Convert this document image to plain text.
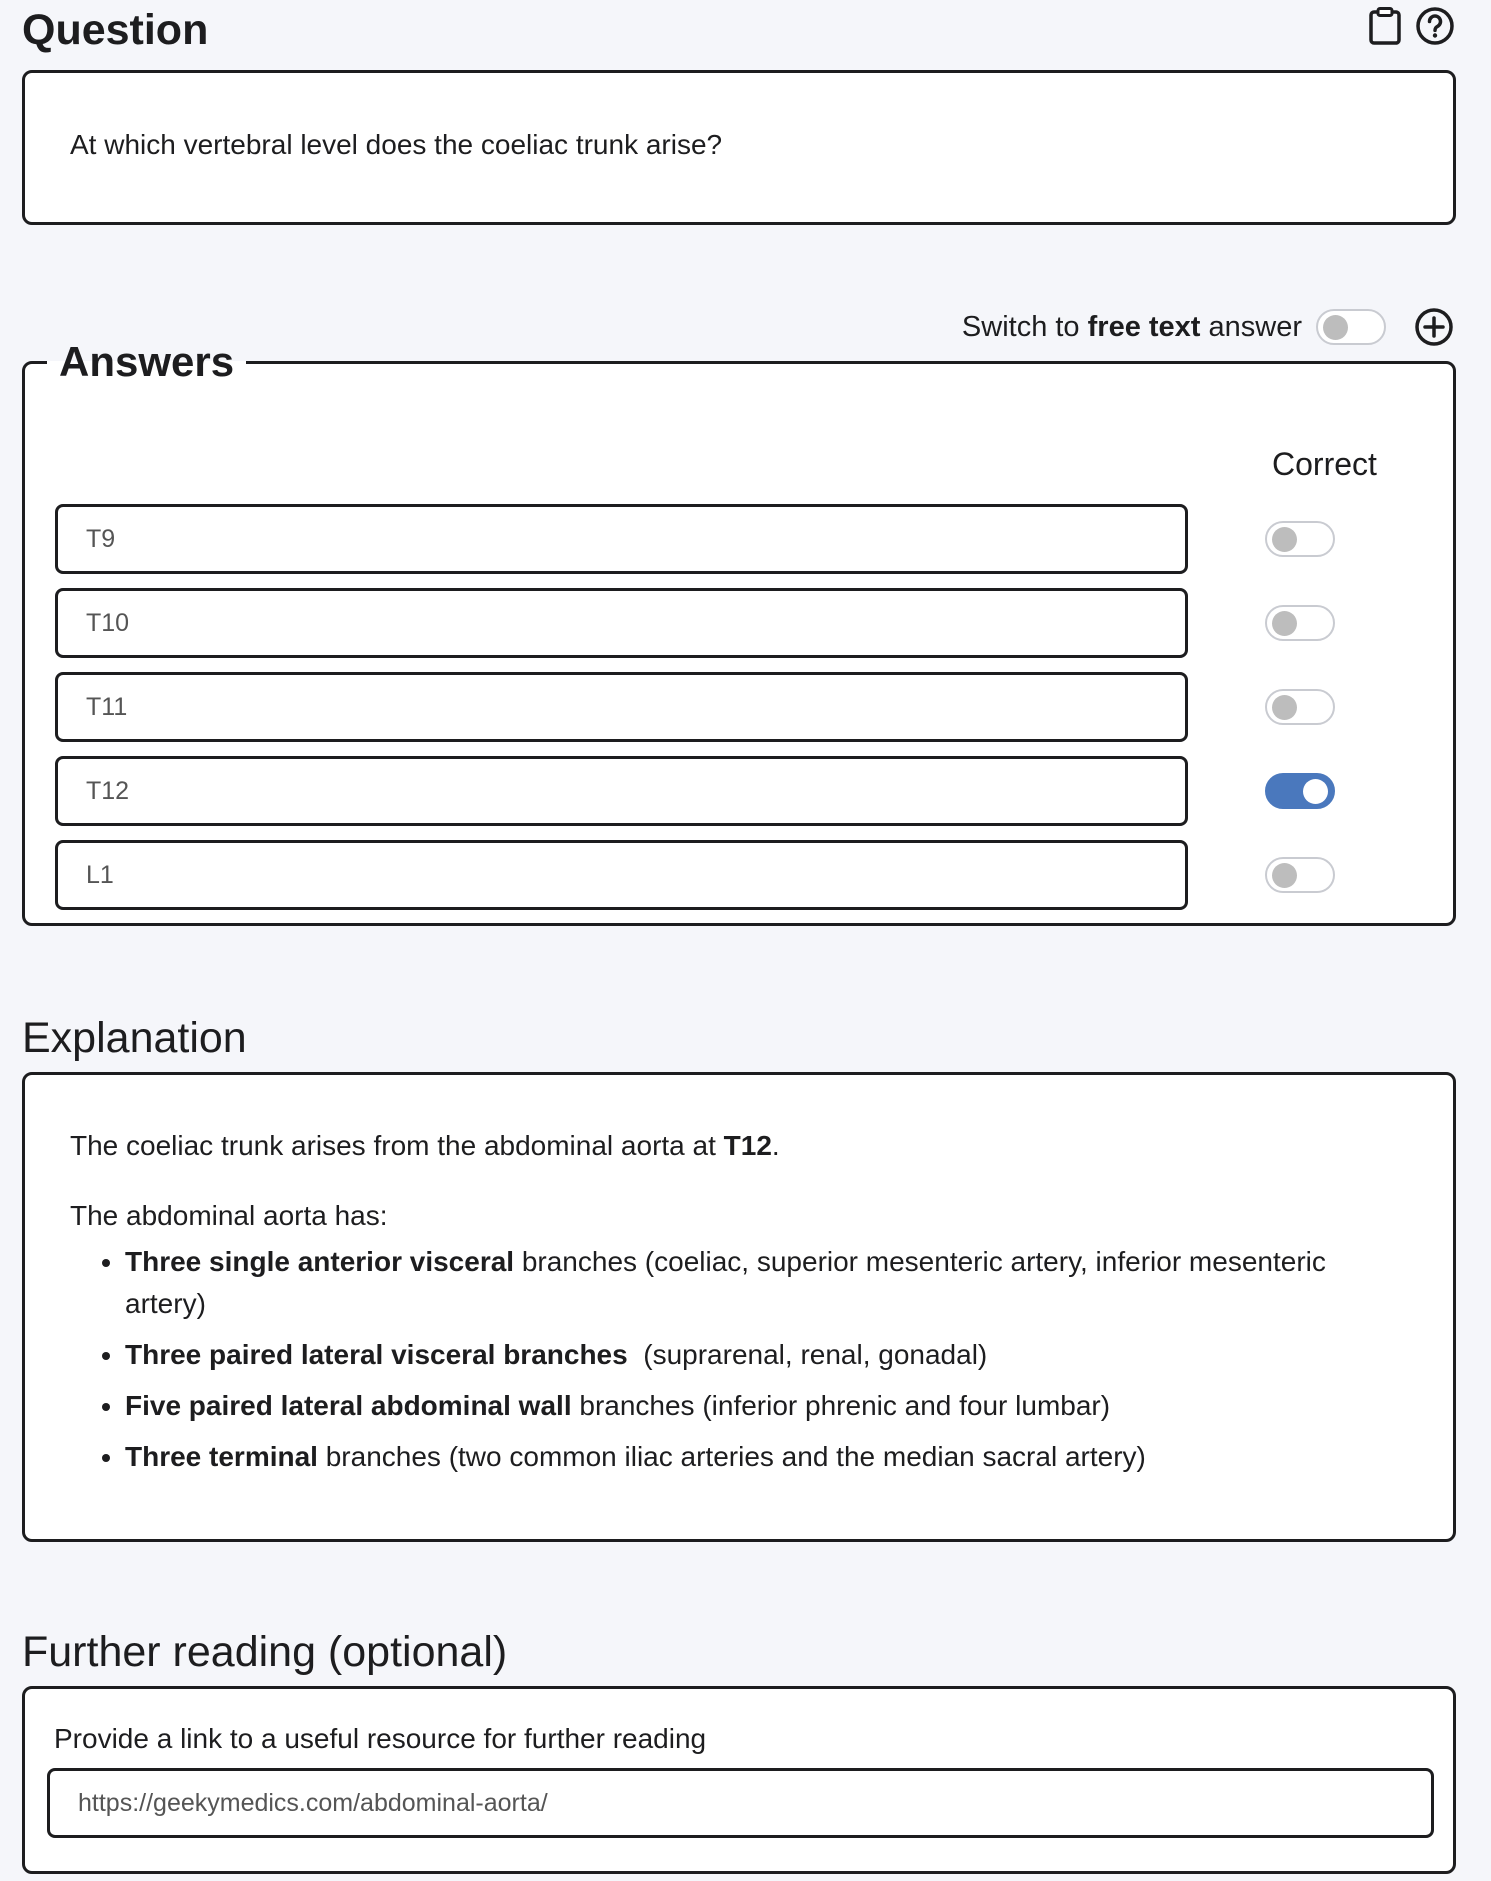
Question
At which vertebral level does the coeliac trunk arise?
Switch to free text answer
Answers
Correct
T9
T10
T11
T12
L1
Explanation

The coeliac trunk arises from the abdominal aorta at T12.

The abdominal aorta has:

• Three single anterior visceral branches (coeliac, superior mesenteric artery, inferior mesenteric artery)
• Three paired lateral visceral branches  (suprarenal, renal, gonadal)
• Five paired lateral abdominal wall branches (inferior phrenic and four lumbar)
• Three terminal branches (two common iliac arteries and the median sacral artery)
Further reading (optional)
Provide a link to a useful resource for further reading
https://geekymedics.com/abdominal-aorta/
